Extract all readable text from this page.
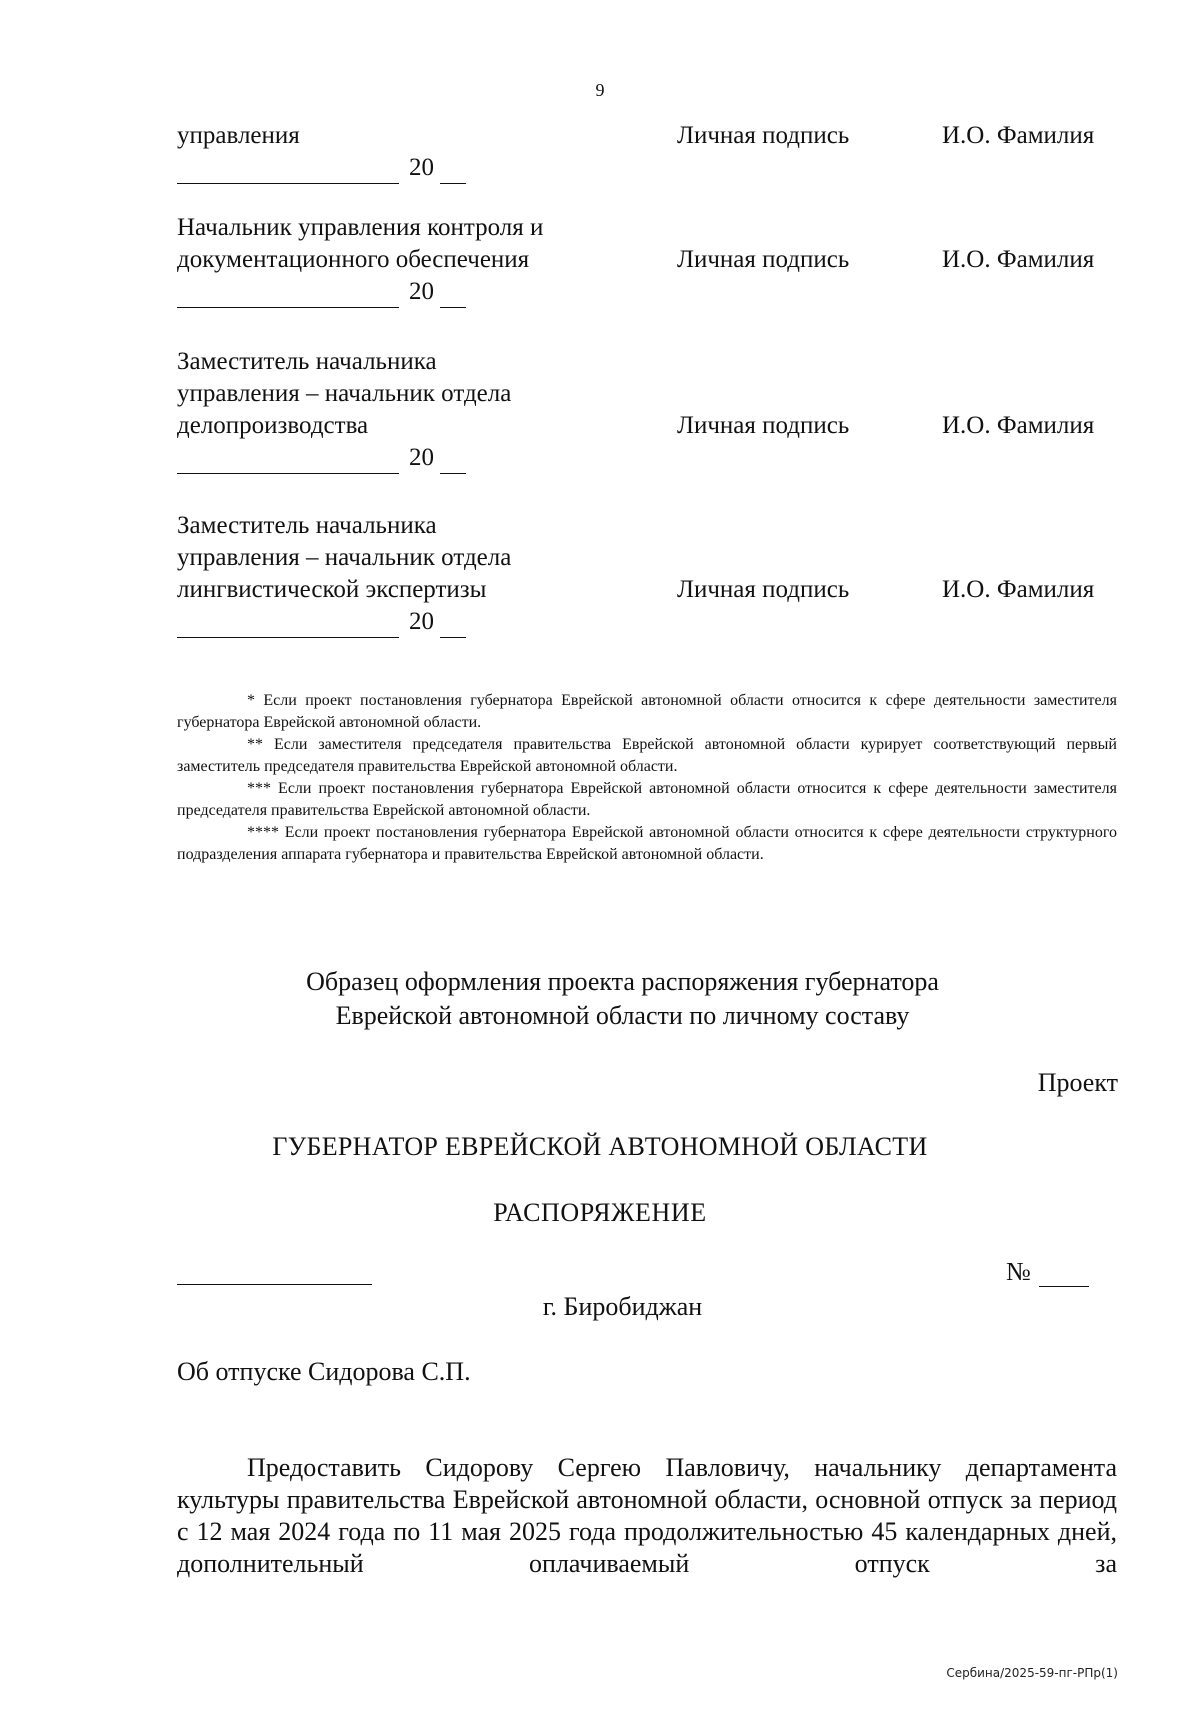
9
управления
20
Личная подпись	И.О. Фамилия
Начальник управления контроля и
документационного обеспечения
20
Личная подпись	И.О. Фамилия
Заместитель начальника
управления – начальник отдела
делопроизводства
20
Личная подпись	И.О. Фамилия
Заместитель начальника
управления – начальник отдела
лингвистической экспертизы
20
Личная подпись	И.О. Фамилия

* Если проект постановления губернатора Еврейской автономной области относится к сфере деятельности заместителя губернатора Еврейской автономной области.

** Если заместителя председателя правительства Еврейской автономной области курирует соответствующий первый заместитель председателя правительства Еврейской автономной области.

*** Если проект постановления губернатора Еврейской автономной области относится к сфере деятельности заместителя председателя правительства Еврейской автономной области.

**** Если проект постановления губернатора Еврейской автономной области относится к сфере деятельности структурного подразделения аппарата губернатора и правительства Еврейской автономной области.

Образец оформления проекта распоряжения губернатора
Еврейской автономной области по личному составу
Проект
ГУБЕРНАТОР ЕВРЕЙСКОЙ АВТОНОМНОЙ ОБЛАСТИ
РАСПОРЯЖЕНИЕ
№
г. Биробиджан
Об отпуске Сидорова С.П.
Предоставить Сидорову Сергею Павловичу, начальнику департамента культуры правительства Еврейской автономной области, основной отпуск за период с 12 мая 2024 года по 11 мая 2025 года продолжительностью 45 календарных дней, дополнительный оплачиваемый отпуск за
Сербина/2025-59-пг-РПр(1)
